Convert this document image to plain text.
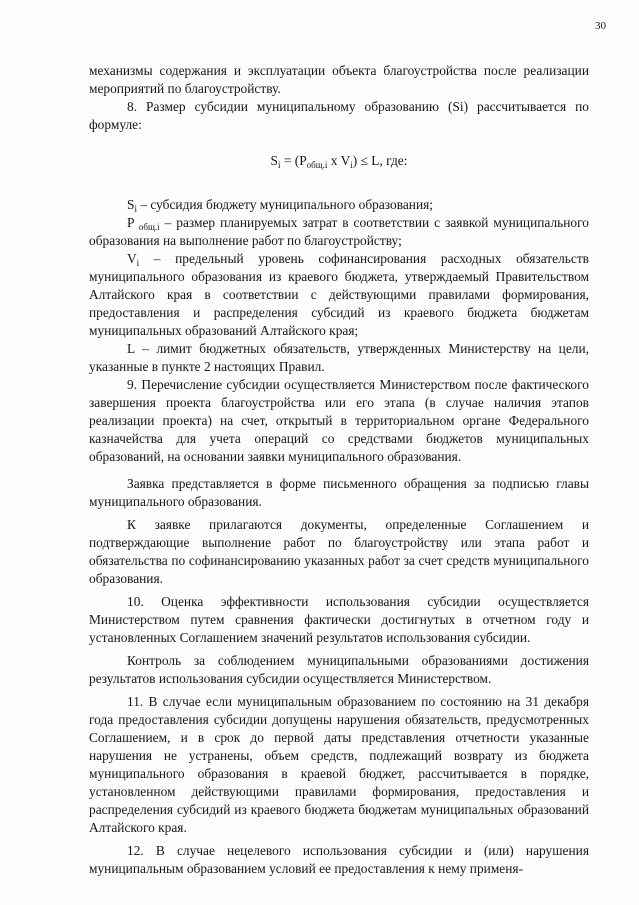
30

механизмы содержания и эксплуатации объекта благоустройства после реализации мероприятий по благоустройству.

8. Размер субсидии муниципальному образованию (Si) рассчитывается по формуле:

$S_i = (P_{общ.i}$ x $V_i) \le L$, где:

$S_i$ – субсидия бюджету муниципального образования;

P $_{общ.i}$ – размер планируемых затрат в соответствии с заявкой муниципального образования на выполнение работ по благоустройству;

$V_i$ – предельный уровень софинансирования расходных обязательств муниципального образования из краевого бюджета, утверждаемый Правительством Алтайского края в соответствии с действующими правилами формирования, предоставления и распределения субсидий из краевого бюджета бюджетам муниципальных образований Алтайского края;

L – лимит бюджетных обязательств, утвержденных Министерству на цели, указанные в пункте 2 настоящих Правил.

9. Перечисление субсидии осуществляется Министерством после фактического завершения проекта благоустройства или его этапа (в случае наличия этапов реализации проекта) на счет, открытый в территориальном органе Федерального казначейства для учета операций со средствами бюджетов муниципальных образований, на основании заявки муниципального образования.

Заявка представляется в форме письменного обращения за подписью главы муниципального образования.

К заявке прилагаются документы, определенные Соглашением и подтверждающие выполнение работ по благоустройству или этапа работ и обязательства по софинансированию указанных работ за счет средств муниципального образования.

10. Оценка эффективности использования субсидии осуществляется Министерством путем сравнения фактически достигнутых в отчетном году и установленных Соглашением значений результатов использования субсидии.

Контроль за соблюдением муниципальными образованиями достижения результатов использования субсидии осуществляется Министерством.

11. В случае если муниципальным образованием по состоянию на 31 декабря года предоставления субсидии допущены нарушения обязательств, предусмотренных Соглашением, и в срок до первой даты представления отчетности указанные нарушения не устранены, объем средств, подлежащий возврату из бюджета муниципального образования в краевой бюджет, рассчитывается в порядке, установленном действующими правилами формирования, предоставления и распределения субсидий из краевого бюджета бюджетам муниципальных образований Алтайского края.

12. В случае нецелевого использования субсидии и (или) нарушения муниципальным образованием условий ее предоставления к нему применя-
